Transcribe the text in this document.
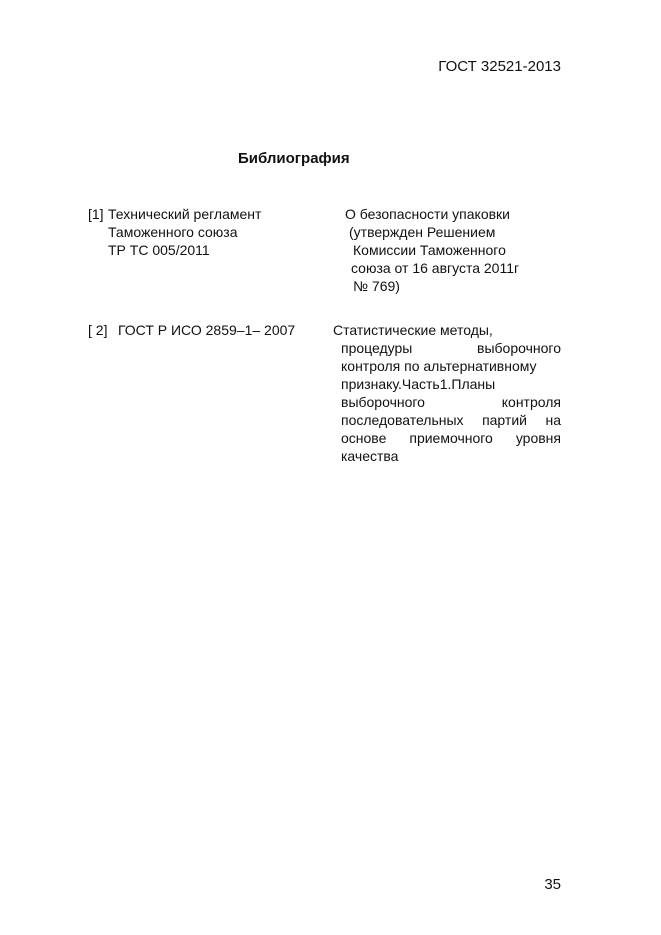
ГОСТ 32521-2013
Библиография
[1] Технический регламент
Таможенного союза
ТР ТС 005/2011
О безопасности упаковки
(утвержден Решением
Комиссии Таможенного
союза от 16 августа 2011г
№ 769)
[ 2] ГОСТ Р ИСО 2859–1– 2007	Статистические методы,
процедуры выборочного
контроля по альтернативному
признаку.Часть1.Планы
выборочного контроля
последовательных партий на
основе приемочного уровня
качества
35
